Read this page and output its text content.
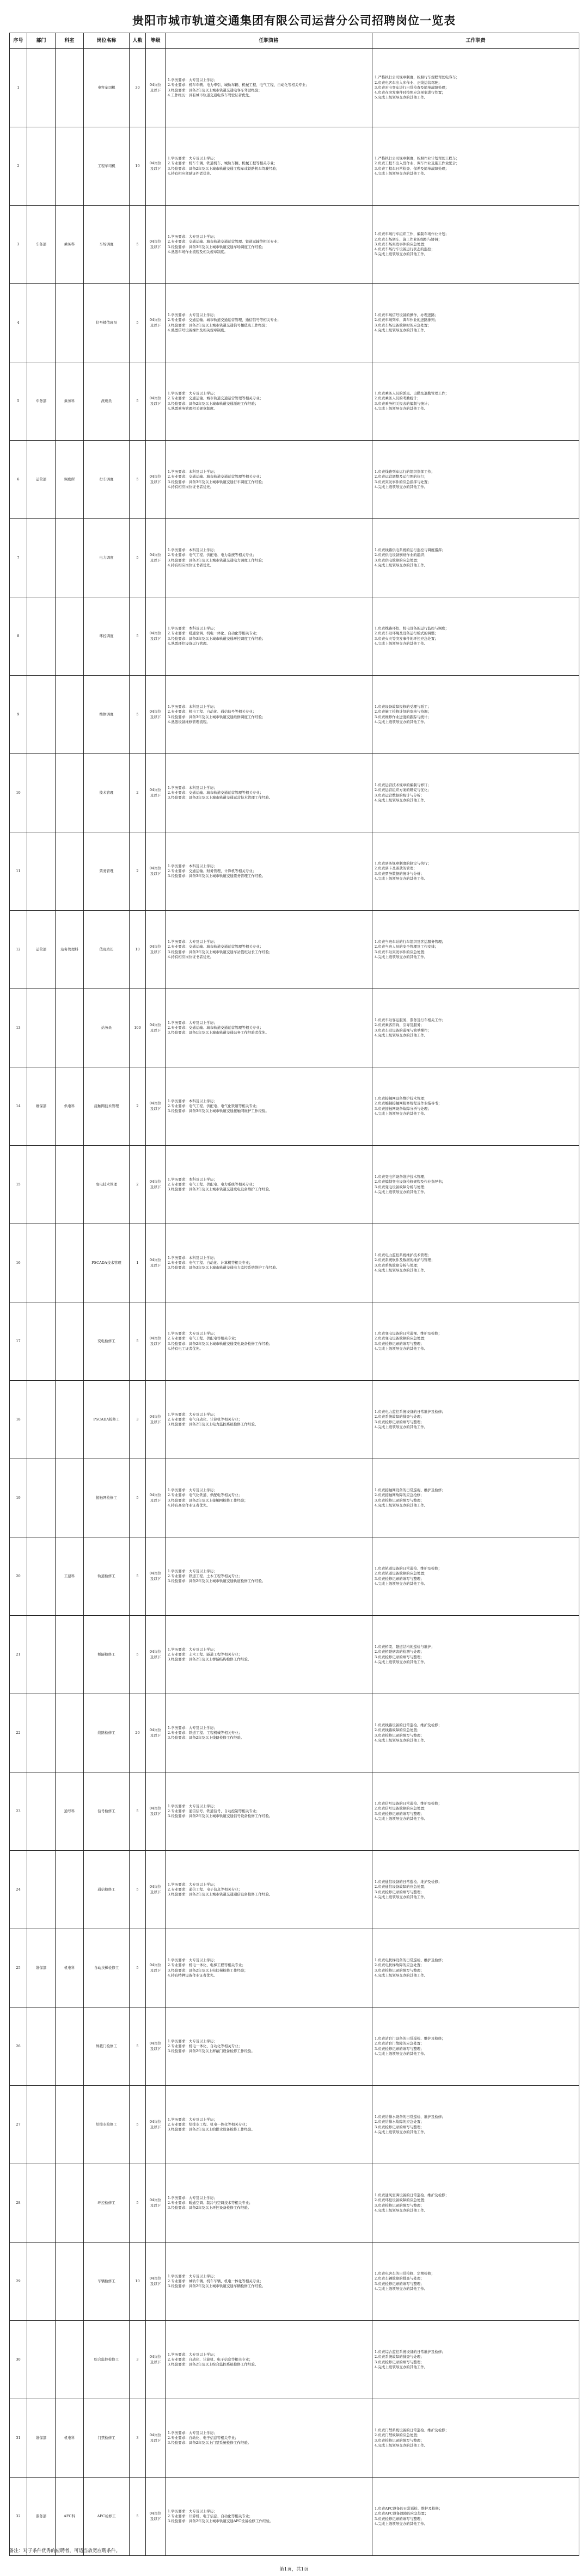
贵阳市城市轨道交通集团有限公司运营分公司招聘岗位一览表
序号	部门	科室	岗位名称	人数	等级	任职资格	工作职责
1			电客车司机	30	04岗位及以下	1.学历要求：大专及以上学历；
2.专业要求：机车车辆、电力牵引、城轨车辆、机械工程、电气工程、自动化等相关专业；
3.经验要求：具备2年及以上城市轨道交通电客车驾驶经验；
4.工作经历：具有城市轨道交通电客车驾驶证者优先。	1.严格执行公司规章制度，按照行车规程驾驶电客车；
2.负责电客车出入库作业、正线运营驾驶；
3.负责对电客车进行日常检查及简单故障处理；
4.负责在突发事件时按照应急预案进行处置；
5.完成上级领导交办的其他工作。
2			工程车司机	10	04岗位及以下	1.学历要求：大专及以上学历；
2.专业要求：机车车辆、铁道机车、城轨车辆、机械工程等相关专业；
3.经验要求：具备2年及以上城市轨道交通工程车或铁路机车驾驶经验；
4.持有相应驾驶证件者优先。	1.严格执行公司规章制度，按照作业计划驾驶工程车；
2.负责工程车出入段作业、调车作业及施工作业配合；
3.负责工程车日常检查、保养及简单故障处理；
4.完成上级领导交办的其他工作。
3	车务部	乘务科	车场调度	5	04岗位及以下	1.学历要求：大专及以上学历；
2.专业要求：交通运输、城市轨道交通运营管理、铁道运输等相关专业；
3.经验要求：具备3年及以上城市轨道交通车场调度工作经验；
4.熟悉车场作业流程及相关规章制度。	1.负责车场行车组织工作，编制车场作业计划；
2.负责车场调车、施工作业的组织与协调；
3.负责车场突发事件的应急处置；
4.负责车场行车设备运行状态的监控；
5.完成上级领导交办的其他工作。
4			信号楼值班员	5	04岗位及以下	1.学历要求：大专及以上学历；
2.专业要求：交通运输、城市轨道交通运营管理、通信信号等相关专业；
3.经验要求：具备2年及以上城市轨道交通信号楼值班工作经验；
4.熟悉信号设备操作及相关规章制度。	1.负责车场信号设备的操作，办理进路；
2.负责车场列车、调车作业的进路排列；
3.负责车场设备故障时的应急处置；
4.完成上级领导交办的其他工作。
5	车务部	乘务科	派班员	5	04岗位及以下	1.学历要求：大专及以上学历；
2.专业要求：交通运输、城市轨道交通运营管理等相关专业；
3.经验要求：具备2年及以上城市轨道交通派班工作经验；
4.熟悉乘务管理相关规章制度。	1.负责乘务人员的派班、出勤及退勤管理工作；
2.负责乘务人员的考勤统计；
3.负责乘务相关报表的编制与统计；
4.完成上级领导交办的其他工作。
6	运营部	调度所	行车调度	5	04岗位及以下	1.学历要求：本科及以上学历；
2.专业要求：交通运输、城市轨道交通运营管理等相关专业；
3.经验要求：具备3年及以上城市轨道交通行车调度工作经验；
4.持有相应岗位证书者优先。	1.负责线路列车运行的组织指挥工作；
2.负责运营调整及运行图的执行；
3.负责突发事件的应急指挥与处置；
4.完成上级领导交办的其他工作。
7			电力调度	5	04岗位及以下	1.学历要求：本科及以上学历；
2.专业要求：电气工程、供配电、电力系统等相关专业；
3.经验要求：具备3年及以上城市轨道交通电力调度工作经验；
4.持有相应岗位证书者优先。	1.负责线路供电系统的运行监控与调度指挥；
2.负责供电设备倒闸作业的组织；
3.负责供电故障的应急处置；
4.完成上级领导交办的其他工作。
8			环控调度	5	04岗位及以下	1.学历要求：本科及以上学历；
2.专业要求：暖通空调、机电一体化、自动化等相关专业；
3.经验要求：具备3年及以上城市轨道交通环控调度工作经验；
4.熟悉环控设备运行管理。	1.负责线路环控、机电设备的运行监控与调度；
2.负责车站环境及设备运行模式的调整；
3.负责火灾等突发事件的环控应急处置；
4.完成上级领导交办的其他工作。
9			维修调度	5	04岗位及以下	1.学历要求：本科及以上学历；
2.专业要求：机电工程、自动化、通信信号等相关专业；
3.经验要求：具备3年及以上城市轨道交通维修调度工作经验；
4.熟悉设备维修管理流程。	1.负责设备故障报修的受理与派工；
2.负责施工检修计划的审核与协调；
3.负责维修作业进度的跟踪与统计；
4.完成上级领导交办的其他工作。
10			技术管理	2	04岗位及以下	1.学历要求：本科及以上学历；
2.专业要求：交通运输、城市轨道交通运营管理等相关专业；
3.经验要求：具备3年及以上城市轨道交通运营技术管理工作经验。	1.负责运营技术规章的编制与修订；
2.负责运营组织方案的研究与优化；
3.负责运营数据的统计与分析；
4.完成上级领导交办的其他工作。
11			票务管理	2	04岗位及以下	1.学历要求：本科及以上学历；
2.专业要求：交通运输、财务管理、计算机等相关专业；
3.经验要求：具备3年及以上城市轨道交通票务管理工作经验。	1.负责票务规章制度的制定与执行；
2.负责票卡及票款的管理；
3.负责票务数据的统计与分析；
4.完成上级领导交办的其他工作。
12	运营部	站务管理科	值班站长	10	04岗位及以下	1.学历要求：大专及以上学历；
2.专业要求：交通运输、城市轨道交通运营管理等相关专业；
3.经验要求：具备3年及以上城市轨道交通车站值班站长工作经验；
4.持有相应岗位证书者优先。	1.负责当班车站的行车组织及客运服务管理；
2.负责当班人员的安全管理及工作安排；
3.负责车站突发事件的应急处置；
4.完成上级领导交办的其他工作。
13			站务员	100	04岗位及以下	1.学历要求：大专及以上学历；
2.专业要求：交通运输、城市轨道交通运营管理等相关专业；
3.经验要求：具备1年及以上城市轨道交通站务工作经验者优先。	1.负责车站客运服务、票务及行车相关工作；
2.负责乘客咨询、引导及服务；
3.负责车站设备的巡视与简单操作；
4.完成上级领导交办的其他工作。
14	维保部	供电科	接触网技术管理	2	04岗位及以下	1.学历要求：本科及以上学历；
2.专业要求：电气工程、供配电、电气化铁道等相关专业；
3.经验要求：具备3年及以上城市轨道交通接触网维护工作经验。	1.负责接触网设备维护技术管理；
2.负责编制接触网检修规程及作业指导书；
3.负责接触网设备故障分析与处理；
4.完成上级领导交办的其他工作。
15			变电技术管理	2	04岗位及以下	1.学历要求：本科及以上学历；
2.专业要求：电气工程、供配电、电力系统等相关专业；
3.经验要求：具备3年及以上城市轨道交通变电设备维护工作经验。	1.负责变电所设备维护技术管理；
2.负责编制变电设备检修规程及作业指导书；
3.负责变电设备故障分析与处理；
4.完成上级领导交办的其他工作。
16			PSCADA技术管理	1	04岗位及以下	1.学历要求：本科及以上学历；
2.专业要求：电气工程、自动化、计算机等相关专业；
3.经验要求：具备3年及以上城市轨道交通电力监控系统维护工作经验。	1.负责电力监控系统维护技术管理；
2.负责系统软件及数据的维护与管理；
3.负责系统故障分析与处理；
4.完成上级领导交办的其他工作。
17			变电检修工	5	04岗位及以下	1.学历要求：大专及以上学历；
2.专业要求：电气工程、供配电等相关专业；
3.经验要求：具备2年及以上城市轨道交通变电设备检修工作经验；
4.持有电工证者优先。	1.负责变电设备的日常巡视、维护及检修；
2.负责变电设备故障的应急处置；
3.负责检修记录的填写与整理；
4.完成上级领导交办的其他工作。
18			PSCADA检修工	3	04岗位及以下	1.学历要求：大专及以上学历；
2.专业要求：电气自动化、计算机等相关专业；
3.经验要求：具备2年及以上电力监控系统检修工作经验。	1.负责电力监控系统设备的日常维护及检修；
2.负责系统故障的排查与处理；
3.负责检修记录的填写与整理；
4.完成上级领导交办的其他工作。
19			接触网检修工	5	04岗位及以下	1.学历要求：大专及以上学历；
2.专业要求：电气化铁道、供配电等相关专业；
3.经验要求：具备2年及以上接触网检修工作经验；
4.持有高空作业证者优先。	1.负责接触网设备的日常巡视、维护及检修；
2.负责接触网故障的应急抢修；
3.负责检修记录的填写与整理；
4.完成上级领导交办的其他工作。
20		工建科	轨道检修工	5	04岗位及以下	1.学历要求：大专及以上学历；
2.专业要求：铁道工程、土木工程等相关专业；
3.经验要求：具备2年及以上城市轨道交通轨道检修工作经验。	1.负责轨道设备的日常巡检、维护及检修；
2.负责轨道设备故障的应急处置；
3.负责检修记录的填写与整理；
4.完成上级领导交办的其他工作。
21			桥隧检修工	5	04岗位及以下	1.学历要求：大专及以上学历；
2.专业要求：土木工程、隧道工程等相关专业；
3.经验要求：具备2年及以上桥隧结构检修工作经验。	1.负责桥梁、隧道结构的巡检与维护；
2.负责桥隧病害的检测与处理；
3.负责检修记录的填写与整理；
4.完成上级领导交办的其他工作。
22			线路检修工	20	04岗位及以下	1.学历要求：大专及以上学历；
2.专业要求：铁道工程、工程机械等相关专业；
3.经验要求：具备2年及以上线路检修工作经验。	1.负责线路设备的日常巡检、维护及检修；
2.负责线路故障的应急处置；
3.负责检修记录的填写与整理；
4.完成上级领导交办的其他工作。
23		通号科	信号检修工	5	04岗位及以下	1.学历要求：大专及以上学历；
2.专业要求：通信信号、铁道信号、自动控制等相关专业；
3.经验要求：具备2年及以上城市轨道交通信号设备检修工作经验。	1.负责信号设备的日常巡检、维护及检修；
2.负责信号设备故障的应急处置；
3.负责检修记录的填写与整理；
4.完成上级领导交办的其他工作。
24			通信检修工	5	04岗位及以下	1.学历要求：大专及以上学历；
2.专业要求：通信工程、电子信息等相关专业；
3.经验要求：具备2年及以上城市轨道交通通信设备检修工作经验。	1.负责通信设备的日常巡检、维护及检修；
2.负责通信设备故障的应急处置；
3.负责检修记录的填写与整理；
4.完成上级领导交办的其他工作。
25	维保部	机电科	自动扶梯检修工	5	04岗位及以下	1.学历要求：大专及以上学历；
2.专业要求：机电一体化、电梯工程等相关专业；
3.经验要求：具备2年及以上电扶梯检修工作经验；
4.持有特种设备作业证者优先。	1.负责电扶梯设备的日常巡检、维护及检修；
2.负责电扶梯故障的应急处置；
3.负责检修记录的填写与整理；
4.完成上级领导交办的其他工作。
26			屏蔽门检修工	5	04岗位及以下	1.学历要求：大专及以上学历；
2.专业要求：机电一体化、自动化等相关专业；
3.经验要求：具备2年及以上屏蔽门设备检修工作经验。	1.负责站台门设备的日常巡检、维护及检修；
2.负责站台门故障的应急处置；
3.负责检修记录的填写与整理；
4.完成上级领导交办的其他工作。
27			给排水检修工	5	04岗位及以下	1.学历要求：大专及以上学历；
2.专业要求：给排水工程、机电一体化等相关专业；
3.经验要求：具备2年及以上给排水设备检修工作经验。	1.负责给排水设备的日常巡检、维护及检修；
2.负责给排水故障的应急处置；
3.负责检修记录的填写与整理；
4.完成上级领导交办的其他工作。
28			环控检修工	5	04岗位及以下	1.学历要求：大专及以上学历；
2.专业要求：暖通空调、制冷与空调技术等相关专业；
3.经验要求：具备2年及以上环控设备检修工作经验。	1.负责通风空调设备的日常巡检、维护及检修；
2.负责环控设备故障的应急处置；
3.负责检修记录的填写与整理；
4.完成上级领导交办的其他工作。
29			车辆检修工	10	04岗位及以下	1.学历要求：大专及以上学历；
2.专业要求：城轨车辆、机车车辆、机电一体化等相关专业；
3.经验要求：具备2年及以上城市轨道交通车辆检修工作经验。	1.负责电客车的日常检修、定期检修；
2.负责车辆故障的排查与处理；
3.负责检修记录的填写与整理；
4.完成上级领导交办的其他工作。
30			综合监控检修工	3	04岗位及以下	1.学历要求：大专及以上学历；
2.专业要求：自动化、计算机、电子信息等相关专业；
3.经验要求：具备2年及以上综合监控系统检修工作经验。	1.负责综合监控系统设备的日常维护及检修；
2.负责系统故障的排查与处理；
3.负责检修记录的填写与整理；
4.完成上级领导交办的其他工作。
31	维保部	机电科	门禁检修工	3	04岗位及以下	1.学历要求：大专及以上学历；
2.专业要求：自动化、电子信息等相关专业；
3.经验要求：具备2年及以上门禁系统检修工作经验。	1.负责门禁系统设备的日常巡检、维护及检修；
2.负责门禁故障的应急处置；
3.负责检修记录的填写与整理；
4.完成上级领导交办的其他工作。
32	票务部	AFC科	AFC检修工	5	04岗位及以下	1.学历要求：大专及以上学历；
2.专业要求：计算机、电子信息、自动化等相关专业；
3.经验要求：具备2年及以上城市轨道交通AFC设备检修工作经验。	1.负责AFC设备的日常巡检、维护及检修；
2.负责AFC设备故障的应急处置；
3.负责检修记录的填写与整理；
4.完成上级领导交办的其他工作。
备注：对于条件优秀的应聘者，可适当放宽应聘条件。
第1页，共1页
